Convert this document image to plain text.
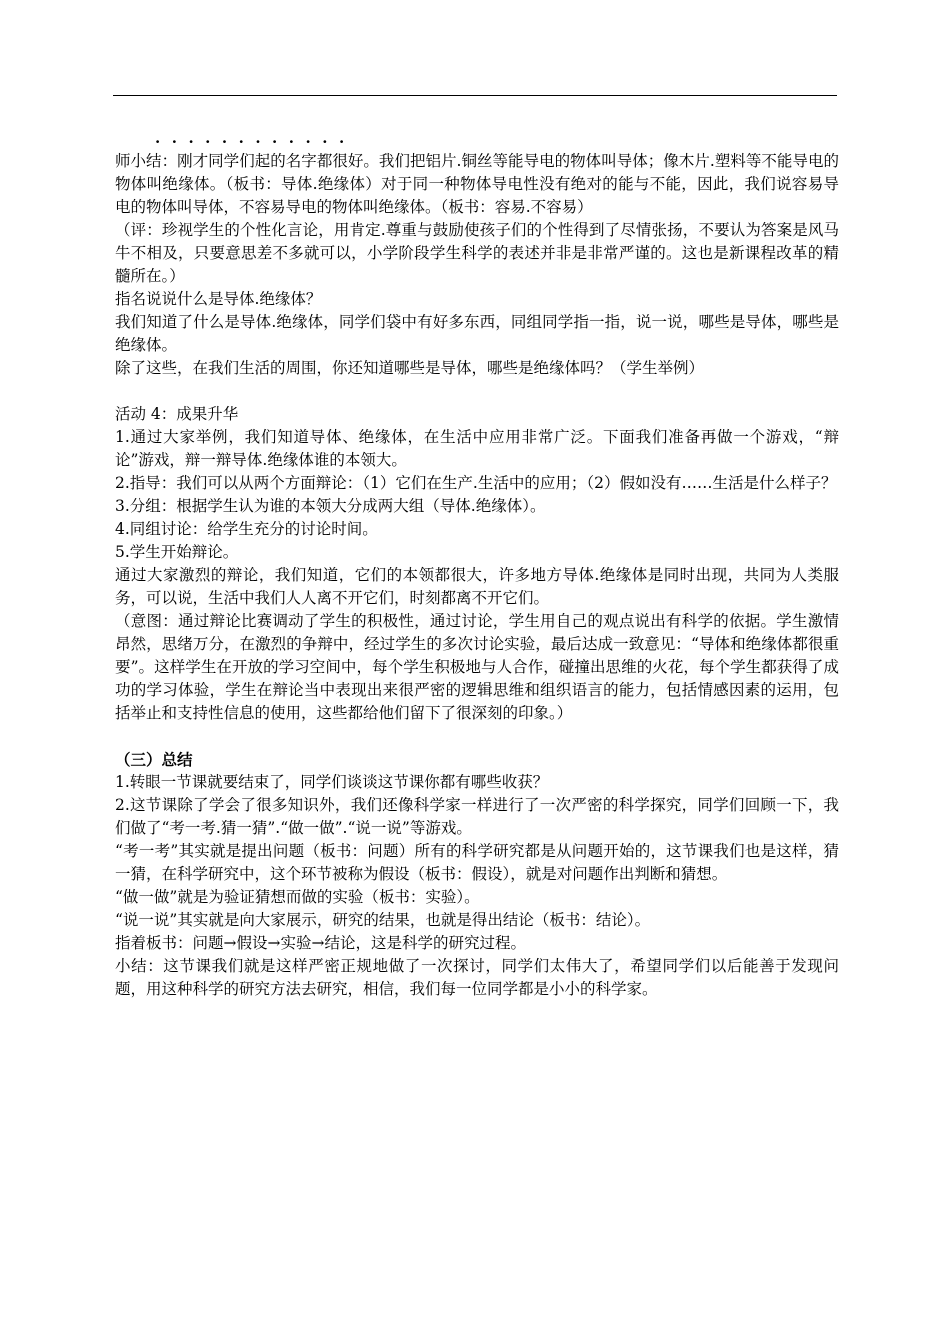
............

师小结：刚才同学们起的名字都很好。我们把铝片.铜丝等能导电的物体叫导体；像木片.塑料等不能导电的物体叫绝缘体。（板书：导体.绝缘体）对于同一种物体导电性没有绝对的能与不能，因此，我们说容易导电的物体叫导体，不容易导电的物体叫绝缘体。（板书：容易.不容易）

（评：珍视学生的个性化言论，用肯定.尊重与鼓励使孩子们的个性得到了尽情张扬，不要认为答案是风马牛不相及，只要意思差不多就可以，小学阶段学生科学的表述并非是非常严谨的。这也是新课程改革的精髓所在。）

指名说说什么是导体.绝缘体？

我们知道了什么是导体.绝缘体，同学们袋中有好多东西，同组同学指一指，说一说，哪些是导体，哪些是绝缘体。

除了这些，在我们生活的周围，你还知道哪些是导体，哪些是绝缘体吗？（学生举例）

活动 4：成果升华

1.通过大家举例，我们知道导体、绝缘体，在生活中应用非常广泛。下面我们准备再做一个游戏，“辩论”游戏，辩一辩导体.绝缘体谁的本领大。

2.指导：我们可以从两个方面辩论：（1）它们在生产.生活中的应用；（2）假如没有……生活是什么样子？

3.分组：根据学生认为谁的本领大分成两大组（导体.绝缘体）。

4.同组讨论：给学生充分的讨论时间。

5.学生开始辩论。

通过大家激烈的辩论，我们知道，它们的本领都很大，许多地方导体.绝缘体是同时出现，共同为人类服务，可以说，生活中我们人人离不开它们，时刻都离不开它们。

（意图：通过辩论比赛调动了学生的积极性，通过讨论，学生用自己的观点说出有科学的依据。学生激情昂然，思绪万分，在激烈的争辩中，经过学生的多次讨论实验，最后达成一致意见：“导体和绝缘体都很重要”。这样学生在开放的学习空间中，每个学生积极地与人合作，碰撞出思维的火花，每个学生都获得了成功的学习体验，学生在辩论当中表现出来很严密的逻辑思维和组织语言的能力，包括情感因素的运用，包括举止和支持性信息的使用，这些都给他们留下了很深刻的印象。）

（三）总结

1.转眼一节课就要结束了，同学们谈谈这节课你都有哪些收获？

2.这节课除了学会了很多知识外，我们还像科学家一样进行了一次严密的科学探究，同学们回顾一下，我们做了“考一考.猜一猜”.“做一做”.“说一说”等游戏。

“考一考”其实就是提出问题（板书：问题）所有的科学研究都是从问题开始的，这节课我们也是这样，猜一猜，在科学研究中，这个环节被称为假设（板书：假设），就是对问题作出判断和猜想。

“做一做”就是为验证猜想而做的实验（板书：实验）。

“说一说”其实就是向大家展示，研究的结果，也就是得出结论（板书：结论）。

指着板书：问题→假设→实验→结论，这是科学的研究过程。

小结：这节课我们就是这样严密正规地做了一次探讨，同学们太伟大了，希望同学们以后能善于发现问题，用这种科学的研究方法去研究，相信，我们每一位同学都是小小的科学家。
